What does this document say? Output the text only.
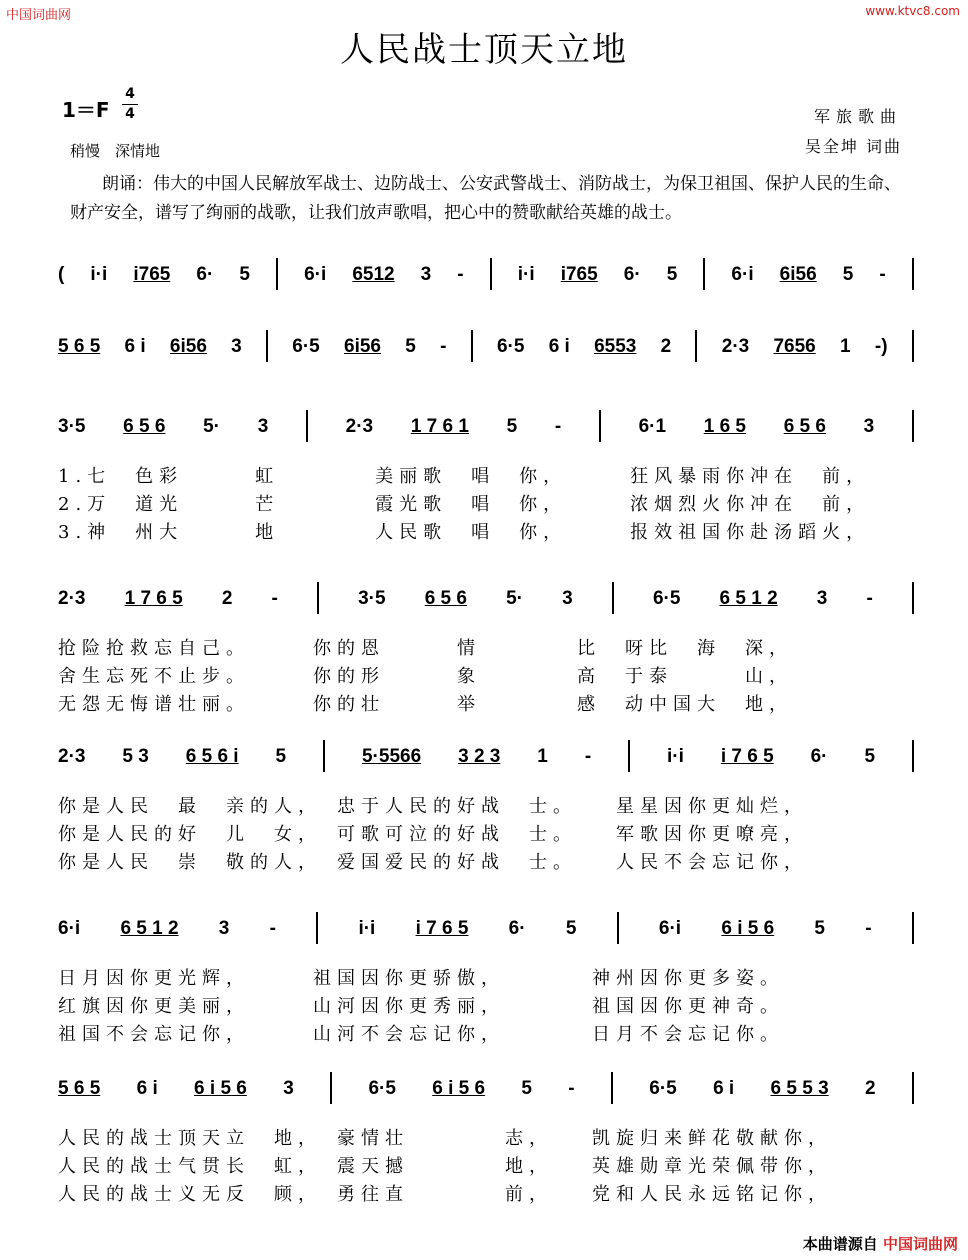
中国词曲网	www.ktvc8.com
人民战士顶天立地
1＝F
4
4
稍慢　深情地
军旅歌曲
吴全坤 词曲
朗诵：伟大的中国人民解放军战士、边防战士、公安武警战士、消防战士，为保卫祖国、保护人民的生命、财产安全，谱写了绚丽的战歌，让我们放声歌唱，把心中的赞歌献给英雄的战士。
( i·i i765 6· 5	6·i 6512 3 -	i·i i765 6· 5	6·i 6i56 5 -
5 6 5 6 i 6i56 3	6·5 6i56 5 -	6·5 6 i 6553 2	2·3 7656 1 -)
3·5 6 5 6 5· 3	2·3 1 7 6 1 5 -	6·1 1 6 5 6 5 6 3
1.七　色彩　　　虹　　　　美丽歌　唱　你，　　　狂风暴雨你冲在　前，
2.万　道光　　　芒　　　　霞光歌　唱　你，　　　浓烟烈火你冲在　前，
3.神　州大　　　地　　　　人民歌　唱　你，　　　报效祖国你赴汤蹈火，
2·3 1 7 6 5 2 -	3·5 6 5 6 5· 3	6·5 6 5 1 2 3 -
抢险抢救忘自己。　　　你的恩　　　情　　　　比　呀比　海　深，
舍生忘死不止步。　　　你的形　　　象　　　　高　于泰　　　山，
无怨无悔谱壮丽。　　　你的壮　　　举　　　　感　动中国大　地，
2·3 5 3 6 5 6 i 5	5·5566 3 2 3 1 -	i·i i 7 6 5 6· 5
你是人民　最　亲的人，　忠于人民的好战　士。　　星星因你更灿烂，
你是人民的好　儿　女，　可歌可泣的好战　士。　　军歌因你更嘹亮，
你是人民　崇　敬的人，　爱国爱民的好战　士。　　人民不会忘记你，
6·i 6 5 1 2 3 -	i·i i 7 6 5 6· 5	6·i 6 i 5 6 5 -
日月因你更光辉，　　　祖国因你更骄傲，　　　　神州因你更多姿。
红旗因你更美丽，　　　山河因你更秀丽，　　　　祖国因你更神奇。
祖国不会忘记你，　　　山河不会忘记你，　　　　日月不会忘记你。
5 6 5 6 i 6 i 5 6 3	6·5 6 i 5 6 5 -	6·5 6 i 6 5 5 3 2
人民的战士顶天立　地，　豪情壮　　　　志，　　凯旋归来鲜花敬献你，
人民的战士气贯长　虹，　震天撼　　　　地，　　英雄勋章光荣佩带你，
人民的战士义无反　顾，　勇往直　　　　前，　　党和人民永远铭记你，
本曲谱源自 中国词曲网
